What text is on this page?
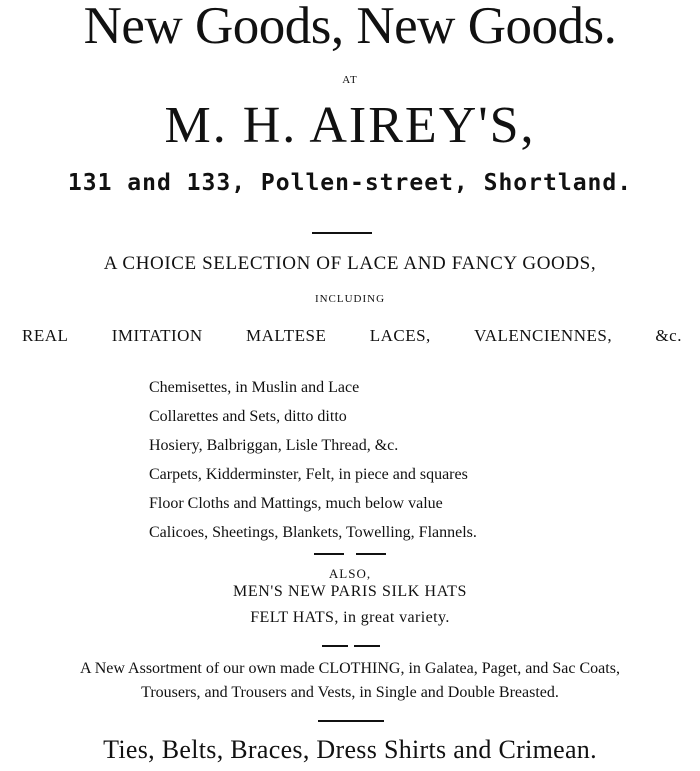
New Goods, New Goods.
AT
M. H. AIREY'S,
131 and 133, Pollen-street, Shortland.
A CHOICE SELECTION OF LACE AND FANCY GOODS,
INCLUDING
REAL	IMITATION	MALTESE	LACES,	VALENCIENNES,	&c.
Chemisettes, in Muslin and Lace
Collarettes and Sets, ditto ditto
Hosiery, Balbriggan, Lisle Thread, &c.
Carpets, Kidderminster, Felt, in piece and squares
Floor Cloths and Mattings, much below value
Calicoes, Sheetings, Blankets, Towelling, Flannels.
ALSO,
MEN'S NEW PARIS SILK HATS
FELT HATS, in great variety.
A New Assortment of our own made CLOTHING, in Galatea, Paget, and Sac Coats,
Trousers, and Trousers and Vests, in Single and Double Breasted.
Ties, Belts, Braces, Dress Shirts and Crimean.
